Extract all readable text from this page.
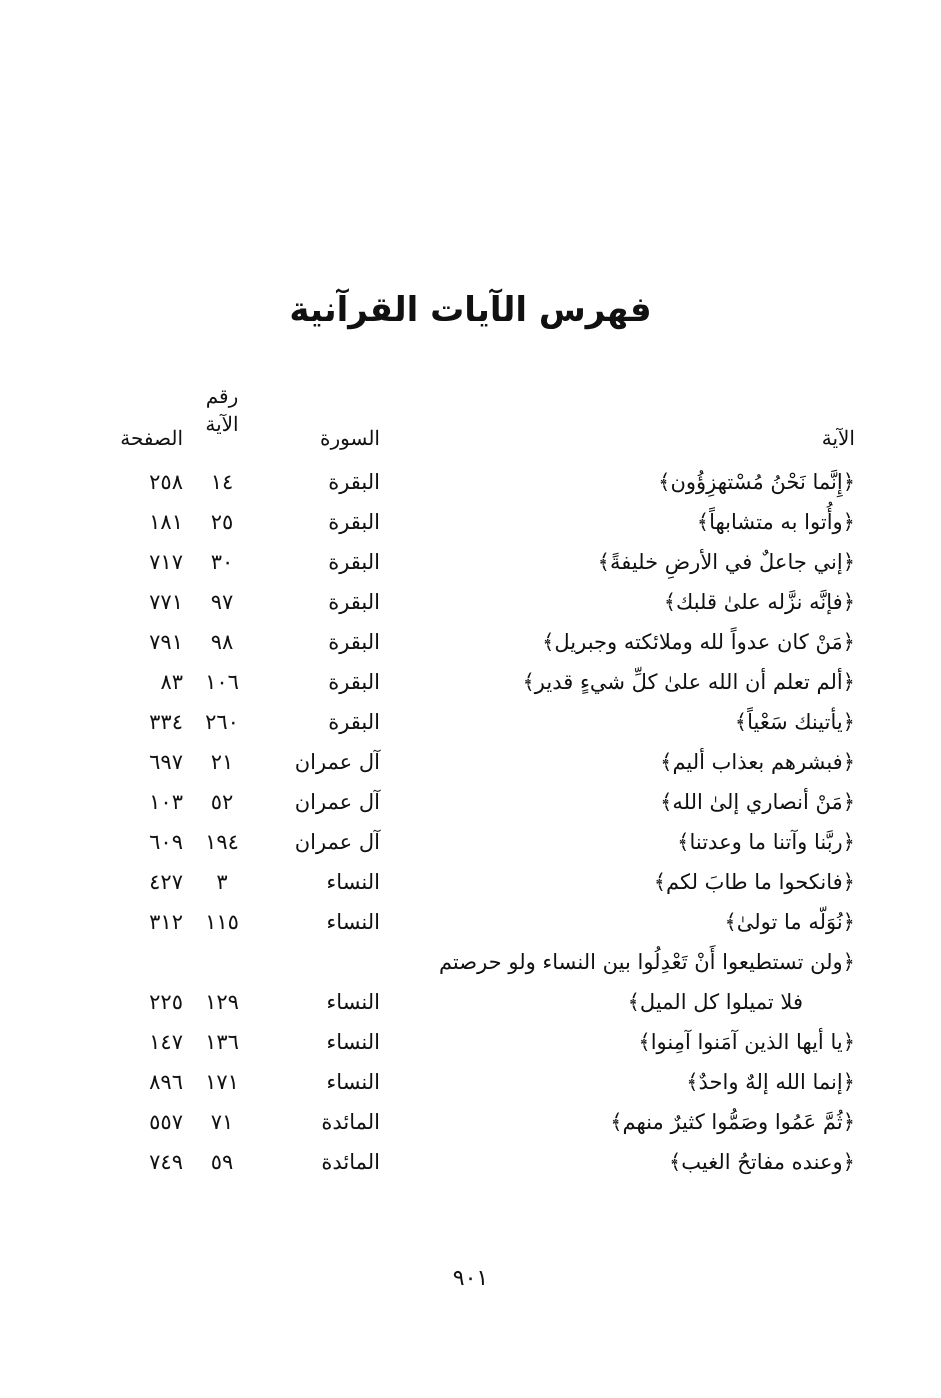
فهرس الآيات القرآنية
الآية
السورة
رقم
الآية
الصفحة
﴿إِنَّما نَحْنُ مُسْتهزِؤُون﴾
البقرة
١٤
٢٥٨
﴿وأُتوا به متشابهاً﴾
البقرة
٢٥
١٨١
﴿إني جاعلٌ في الأرضِ خليفةً﴾
البقرة
٣٠
٧١٧
﴿فإنَّه نزَّله علىٰ قلبك﴾
البقرة
٩٧
٧٧١
﴿مَنْ كان عدواً لله وملائكته وجبريل﴾
البقرة
٩٨
٧٩١
﴿ألم تعلم أن الله علىٰ كلِّ شيءٍ قدير﴾
البقرة
١٠٦
٨٣
﴿يأتينك سَعْياً﴾
البقرة
٢٦٠
٣٣٤
﴿فبشرهم بعذاب أليم﴾
آل عمران
٢١
٦٩٧
﴿مَنْ أنصاري إلىٰ الله﴾
آل عمران
٥٢
١٠٣
﴿ربَّنا وآتنا ما وعدتنا﴾
آل عمران
١٩٤
٦٠٩
﴿فانكحوا ما طابَ لكم﴾
النساء
٣
٤٢٧
﴿نُوَلّه ما تولىٰ﴾
النساء
١١٥
٣١٢
﴿ولن تستطيعوا أَنْ تَعْدِلُوا بين النساء ولو حرصتم
فلا تميلوا كل الميل﴾
النساء
١٢٩
٢٢٥
﴿يا أيها الذين آمَنوا آمِنوا﴾
النساء
١٣٦
١٤٧
﴿إنما الله إلهٌ واحدٌ﴾
النساء
١٧١
٨٩٦
﴿ثُمَّ عَمُوا وصَمُّوا كثيرٌ منهم﴾
المائدة
٧١
٥٥٧
﴿وعنده مفاتحُ الغيب﴾
المائدة
٥٩
٧٤٩
٩٠١
